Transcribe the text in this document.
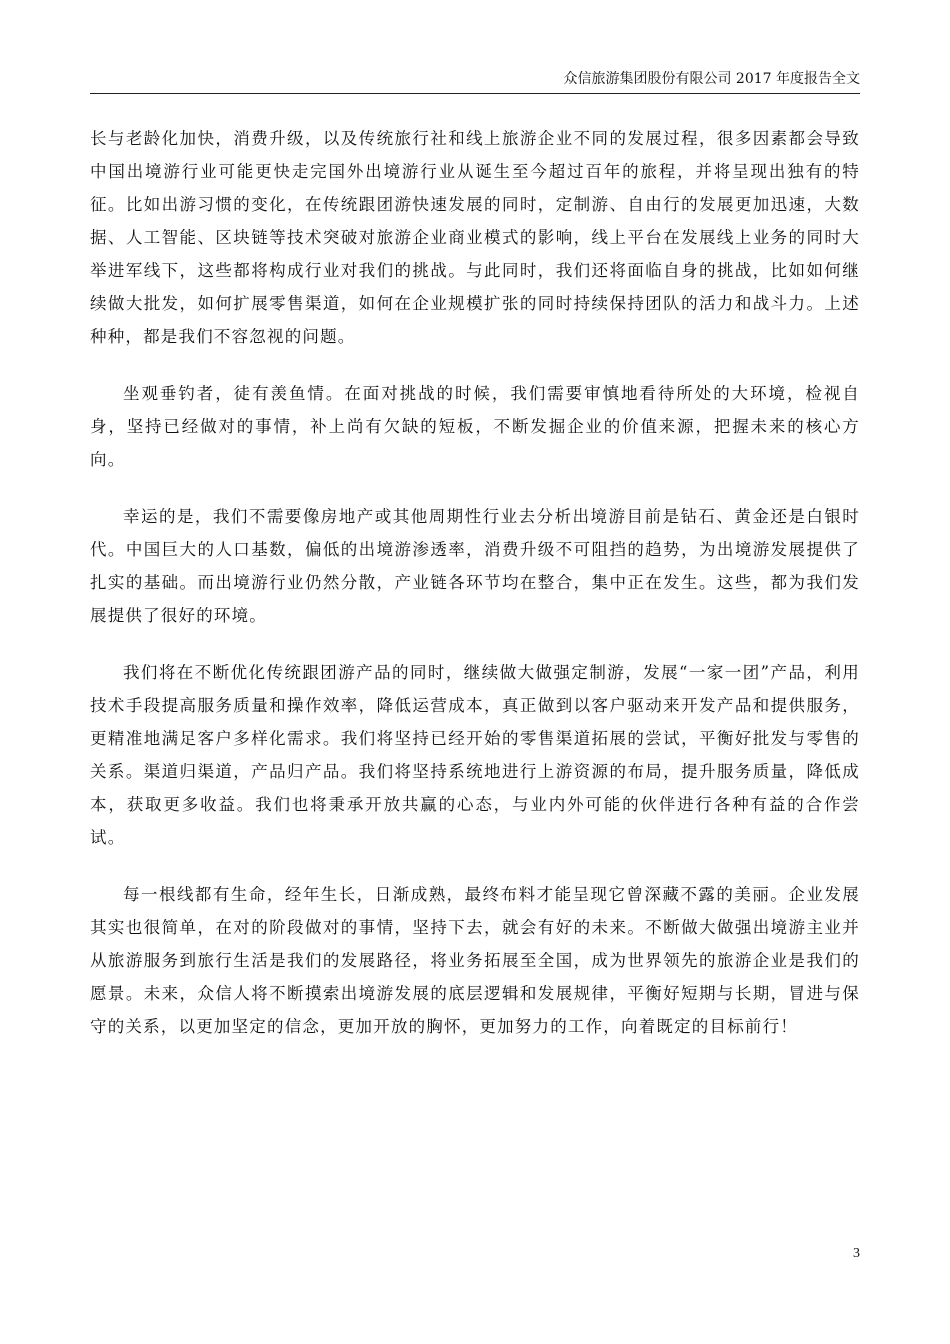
众信旅游集团股份有限公司 2017 年度报告全文

长与老龄化加快，消费升级，以及传统旅行社和线上旅游企业不同的发展过程，很多因素都会导致中国出境游行业可能更快走完国外出境游行业从诞生至今超过百年的旅程，并将呈现出独有的特征。比如出游习惯的变化，在传统跟团游快速发展的同时，定制游、自由行的发展更加迅速，大数据、人工智能、区块链等技术突破对旅游企业商业模式的影响，线上平台在发展线上业务的同时大举进军线下，这些都将构成行业对我们的挑战。与此同时，我们还将面临自身的挑战，比如如何继续做大批发，如何扩展零售渠道，如何在企业规模扩张的同时持续保持团队的活力和战斗力。上述种种，都是我们不容忽视的问题。

坐观垂钓者，徒有羡鱼情。在面对挑战的时候，我们需要审慎地看待所处的大环境，检视自身，坚持已经做对的事情，补上尚有欠缺的短板，不断发掘企业的价值来源，把握未来的核心方向。

幸运的是，我们不需要像房地产或其他周期性行业去分析出境游目前是钻石、黄金还是白银时代。中国巨大的人口基数，偏低的出境游渗透率，消费升级不可阻挡的趋势，为出境游发展提供了扎实的基础。而出境游行业仍然分散，产业链各环节均在整合，集中正在发生。这些，都为我们发展提供了很好的环境。

我们将在不断优化传统跟团游产品的同时，继续做大做强定制游，发展“一家一团”产品，利用技术手段提高服务质量和操作效率，降低运营成本，真正做到以客户驱动来开发产品和提供服务，更精准地满足客户多样化需求。我们将坚持已经开始的零售渠道拓展的尝试，平衡好批发与零售的关系。渠道归渠道，产品归产品。我们将坚持系统地进行上游资源的布局，提升服务质量，降低成本，获取更多收益。我们也将秉承开放共赢的心态，与业内外可能的伙伴进行各种有益的合作尝试。

每一根线都有生命，经年生长，日渐成熟，最终布料才能呈现它曾深藏不露的美丽。企业发展其实也很简单，在对的阶段做对的事情，坚持下去，就会有好的未来。不断做大做强出境游主业并从旅游服务到旅行生活是我们的发展路径，将业务拓展至全国，成为世界领先的旅游企业是我们的愿景。未来，众信人将不断摸索出境游发展的底层逻辑和发展规律，平衡好短期与长期，冒进与保守的关系，以更加坚定的信念，更加开放的胸怀，更加努力的工作，向着既定的目标前行！

3
